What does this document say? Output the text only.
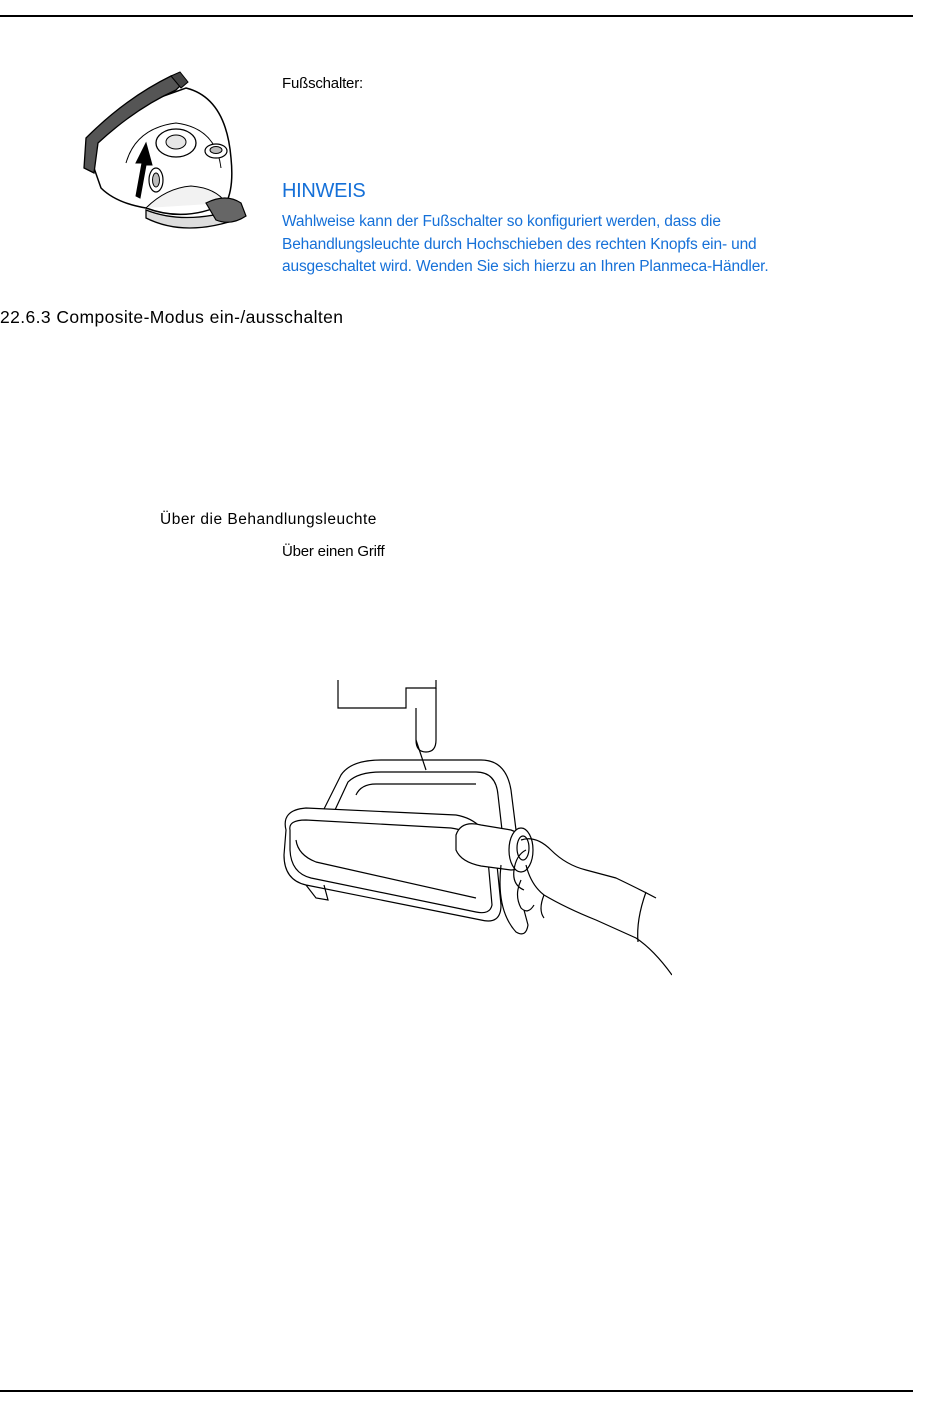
Fußschalter:
HINWEIS
Wahlweise kann der Fußschalter so konfiguriert werden, dass die
Behandlungsleuchte durch Hochschieben des rechten Knopfs ein- und
ausgeschaltet wird. Wenden Sie sich hierzu an Ihren Planmeca-Händler.
22.6.3 Composite-Modus ein-/ausschalten
Über die Behandlungsleuchte
Über einen Griff
